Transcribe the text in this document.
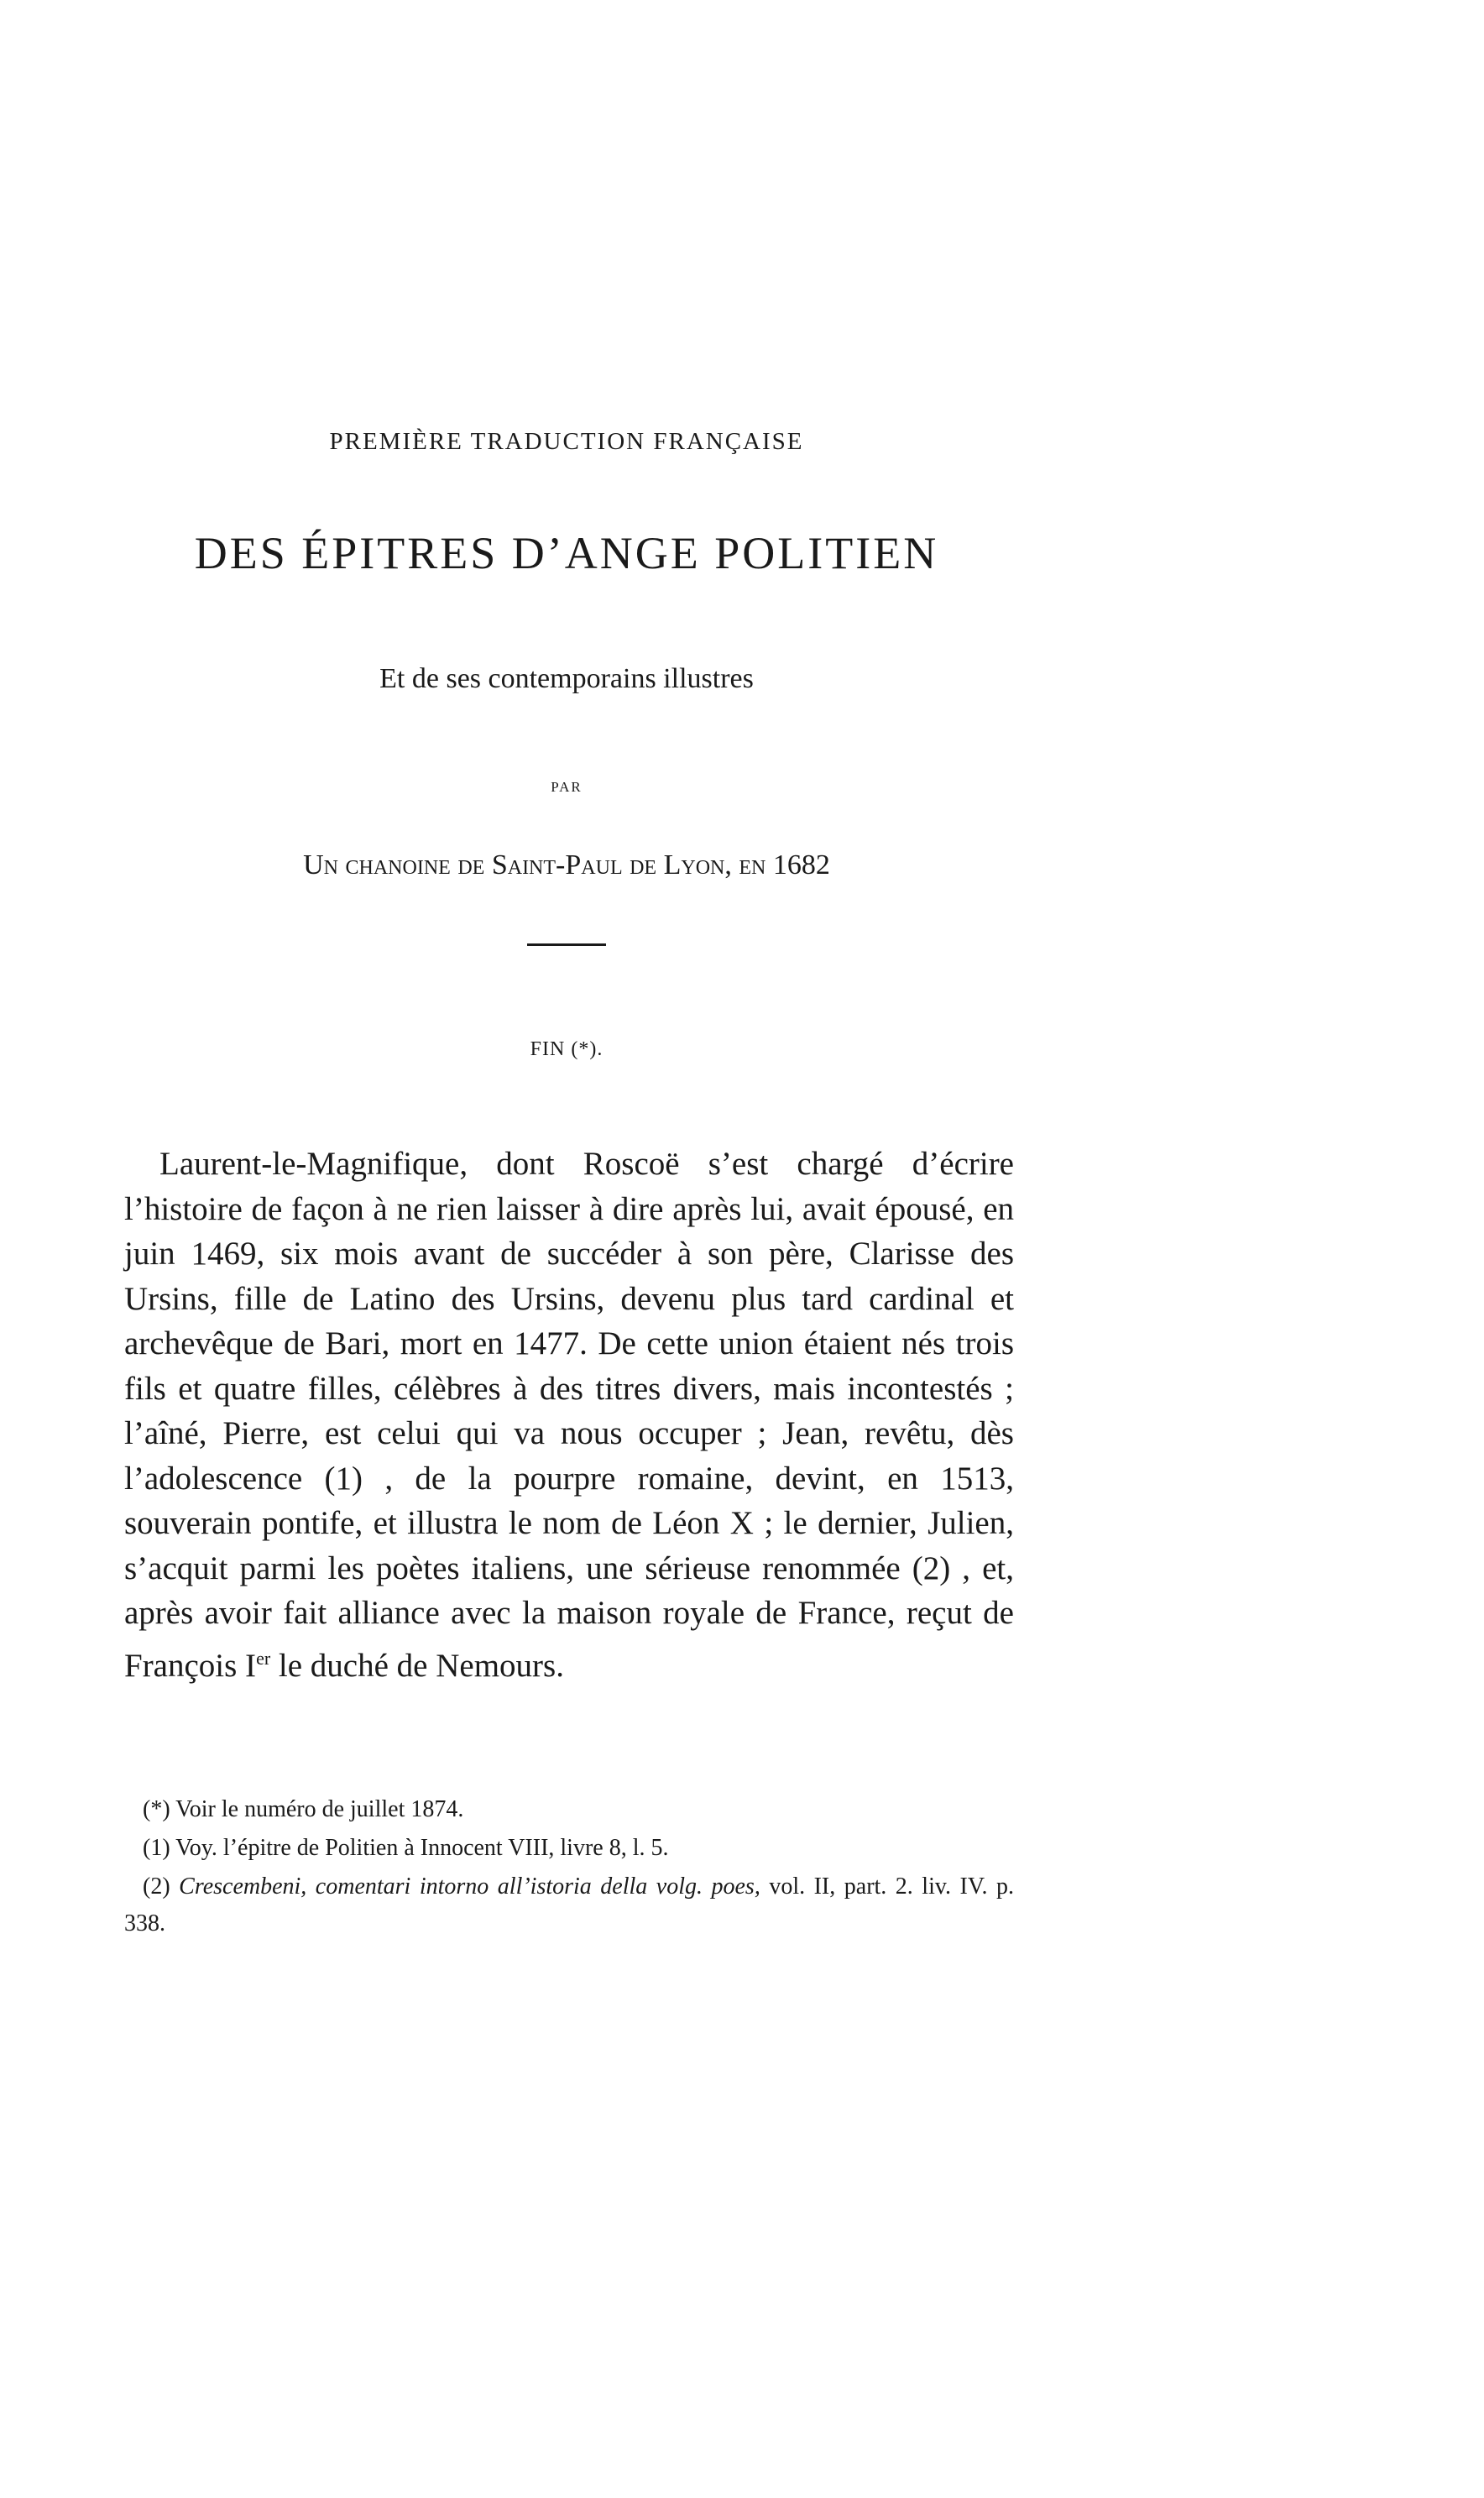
PREMIÈRE TRADUCTION FRANÇAISE
DES ÉPITRES D’ANGE POLITIEN
Et de ses contemporains illustres
PAR
Un chanoine de Saint-Paul de Lyon, en 1682
FIN (*).

Laurent-le-Magnifique, dont Roscoë s’est chargé d’écrire l’histoire de façon à ne rien laisser à dire après lui, avait épousé, en juin 1469, six mois avant de succéder à son père, Clarisse des Ursins, fille de Latino des Ursins, devenu plus tard cardinal et archevêque de Bari, mort en 1477. De cette union étaient nés trois fils et quatre filles, célèbres à des titres divers, mais incontestés ; l’aîné, Pierre, est celui qui va nous occuper ; Jean, revêtu, dès l’adolescence (1) , de la pourpre romaine, devint, en 1513, souverain pontife, et illustra le nom de Léon X ; le dernier, Julien, s’acquit parmi les poètes italiens, une sérieuse renommée (2) , et, après avoir fait alliance avec la maison royale de France, reçut de François Ier le duché de Nemours.

(*) Voir le numéro de juillet 1874.

(1) Voy. l’épitre de Politien à Innocent VIII, livre 8, l. 5.

(2) Crescembeni, comentari intorno all’istoria della volg. poes, vol. II, part. 2. liv. IV. p. 338.
